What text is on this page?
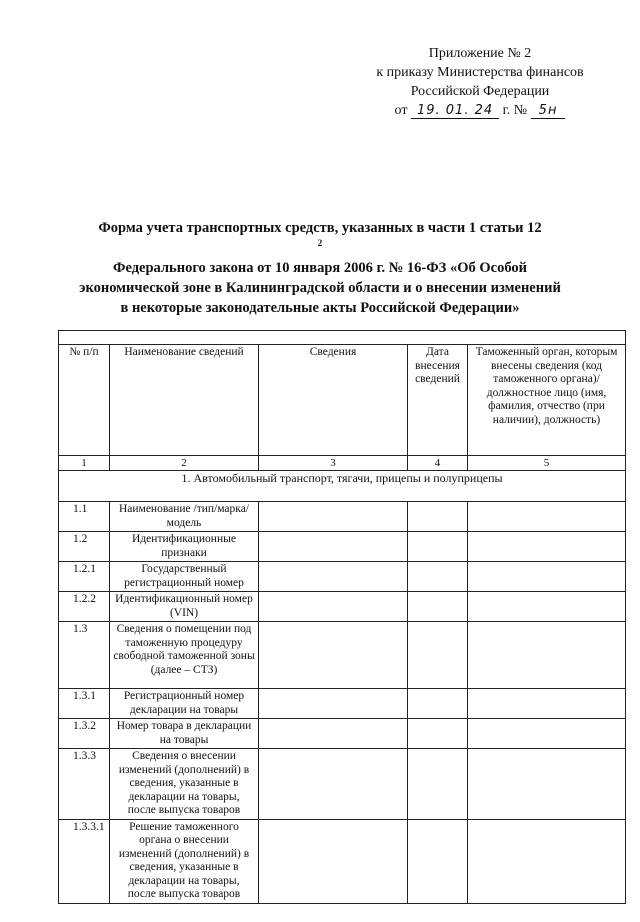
Приложение № 2
к приказу Министерства финансов
Российской Федерации
от 19. 01. 24 г. № 5н
Форма учета транспортных средств, указанных в части 1 статьи 12
$^2$
Федерального закона от 10 января 2006 г. № 16-ФЗ «Об Особой
экономической зоне в Калининградской области и о внесении изменений
в некоторые законодательные акты Российской Федерации»

№ п/п	Наименование сведений	Сведения	Дата внесения сведений	Таможенный орган, которым внесены сведения (код таможенного органа)/должностное лицо (имя, фамилия, отчество (при наличии), должность)
1	2	3	4	5
1. Автомобильный транспорт, тягачи, прицепы и полуприцепы				
1.1	Наименование /тип/марка/модель			
1.2	Идентификационные признаки			
1.2.1	Государственный регистрационный номер			
1.2.2	Идентификационный номер (VIN)			
1.3	Сведения о помещении под таможенную процедуру свободной таможенной зоны (далее – СТЗ)			
1.3.1	Регистрационный номер декларации на товары			
1.3.2	Номер товара в декларации на товары			
1.3.3	Сведения о внесении изменений (дополнений) в сведения, указанные в декларации на товары, после выпуска товаров			
1.3.3.1	Решение таможенного органа о внесении изменений (дополнений) в сведения, указанные в декларации на товары, после выпуска товаров			
